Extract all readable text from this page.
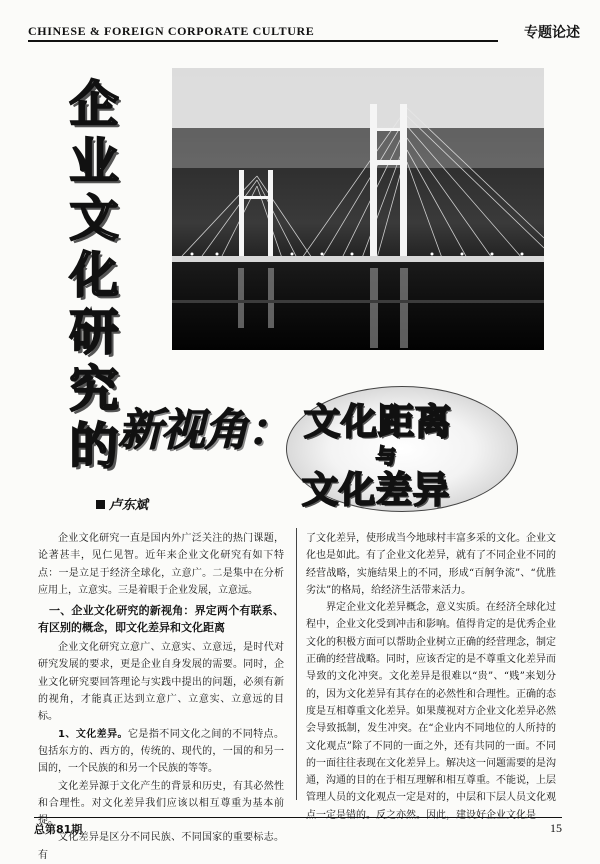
CHINESE & FOREIGN CORPORATE CULTURE	专题论述
企
业
文
化
研
究
的 新视角： 文化距离
与
文化差异
卢东斌

企业文化研究一直是国内外广泛关注的热门课题，论著甚丰，见仁见智。近年来企业文化研究有如下特点：一是立足于经济全球化，立意广。二是集中在分析应用上，立意实。三是着眼于企业发展，立意远。

一、企业文化研究的新视角：界定两个有联系、有区别的概念，即文化差异和文化距离

企业文化研究立意广、立意实、立意远，是时代对研究发展的要求，更是企业自身发展的需要。同时，企业文化研究要回答理论与实践中提出的问题，必须有新的视角，才能真正达到立意广、立意实、立意远的目标。

1、文化差异。它是指不同文化之间的不同特点。包括东方的、西方的，传统的、现代的，一国的和另一国的，一个民族的和另一个民族的等等。

文化差异源于文化产生的背景和历史，有其必然性和合理性。对文化差异我们应该以相互尊重为基本前提。

文化差异是区分不同民族、不同国家的重要标志。有

了文化差异，使形成当今地球村丰富多采的文化。企业文化也是如此。有了企业文化差异，就有了不同企业不同的经营战略，实施结果上的不同，形成“百舸争流”、“优胜劣汰”的格局，给经济生活带来活力。

界定企业文化差异概念，意义实质。在经济全球化过程中，企业文化受到冲击和影响。值得肯定的是优秀企业文化的积极方面可以帮助企业树立正确的经营理念，制定正确的经营战略。同时，应该否定的是不尊重文化差异而导致的文化冲突。文化差异是很难以“贵”、“贱”来划分的，因为文化差异有其存在的必然性和合理性。正确的态度是互相尊重文化差异。如果蔑视对方企业文化差异必然会导致抵制，发生冲突。在“企业内不同地位的人所持的文化观点”除了不同的一面之外，还有共同的一面。不同的一面往往表现在文化差异上。解决这一问题需要的是沟通，沟通的目的在于相互理解和相互尊重。不能说，上层管理人员的文化观点一定是对的，中层和下层人员文化观点一定是错的。反之亦然。因此，建设好企业文化是

总第81期	15
